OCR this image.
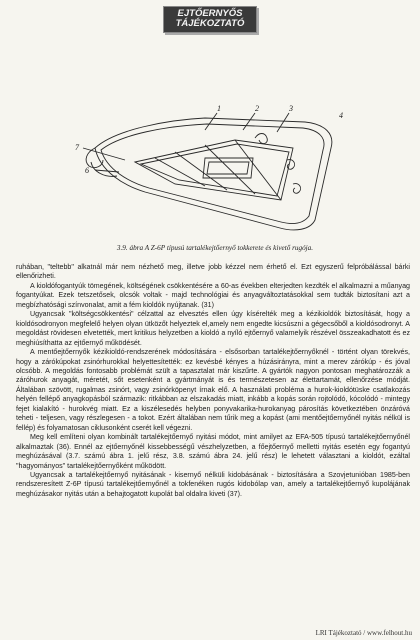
EJTŐERNYŐS
TÁJÉKOZTATÓ
7
6
1	2	3
4
3.9. ábra A Z-6P típusú tartalékejtőernyő tokkerete és kivető rugója.

ruhában, "teltebb" alkatnál már nem nézhető meg, illetve jobb kézzel nem érhető el. Ezt egyszerű felpróbálással bárki ellenőrizheti.

A kioldófogantyúk tömegének, költségének csökkentésére a 60-as években elterjedten kezdték el alkalmazni a műanyag fogantyúkat. Ezek tetszetősek, olcsók voltak - majd technológiai és anyagváltoztatásokkal sem tudták biztosítani azt a megbízhatósági színvonalat, amit a fém kioldók nyújtanak. (31)

Ugyancsak "költségcsökkentési" célzattal az elvesztés ellen úgy kísérelték meg a kézikioldók biztosítását, hogy a kioldósodronyon megfelelő helyen olyan ütközőt helyeztek el,amely nem engedte kicsúszni a gégecsőből a kioldósodronyt. A megoldást rövidesen elvetették, mert kritikus helyzetben a kioldó a nyíló ejtőernyő valamelyik részével összeakadhatott és ez meghiúsíthatta az ejtőernyő működését.

A mentőejtőernyők kézikioldó-rendszerének módosítására - elsősorban tartalékejtőernyőknél - történt olyan törekvés, hogy a zárókúpokat zsinórhurokkal helyettesítették: ez kevésbé kényes a húzásirányra, mint a merev zárókúp - és jóval olcsóbb. A megoldás fontosabb problémát szült a tapasztalat már kiszűrte. A gyártók nagyon pontosan meghatározzák a záróhurok anyagát, méretét, sőt esetenként a gyártmányát is és természetesen az élettartamát, ellenőrzése módját. Általában szövött, rugalmas zsinórt, vagy zsinórköpenyt írnak elő. A használati probléma a hurok-kioldótüske csatlakozás helyén fellépő anyagkopásból származik: ritkábban az elszakadás miatt, inkább a kopás során rojtolódó, kócolódó - mintegy fejet kialakító - hurokvég miatt. Ez a kiszélesedés helyben ponyvakarika-hurokanyag párosítás következtében önzáróvá teheti - teljesen, vagy részlegesen - a tokot. Ezért általában nem tűrik meg a kopást (ami mentőejtőernyőnél nyitás nélkül is fellép) és folyamatosan ciklusonként cserét kell végezni.

Meg kell említeni olyan kombinált tartalékejtőernyő nyitási módot, mint amilyet az EFA-505 típusú tartalékejtőernyőnél alkalmaztak (36). Ennél az ejtőernyőnél kissebbességű vészhelyzetben, a főejtőernyő melletti nyitás esetén egy fogantyú meghúzásával (3.7. számú ábra 1. jelű rész, 3.8. számú ábra 24. jelű rész) le lehetett választani a kioldót, ezáltal "hagyományos" tartalékejtőernyőként működött.

Ugyancsak a tartalékejtőernyő nyitásának - kisernyő nélküli kidobásának - biztosítására a Szovjetunióban 1985-ben rendszeresített Z-6P típusú tartalékejtőernyőnél a tokfenéken rugós kidobólap van, amely a tartalékejtőernyő kupolájának meghúzásakor nyitás után a behajtogatott kupolát bal oldalra kiveti (37).

LRI Tájékoztató / www.felhout.hu
